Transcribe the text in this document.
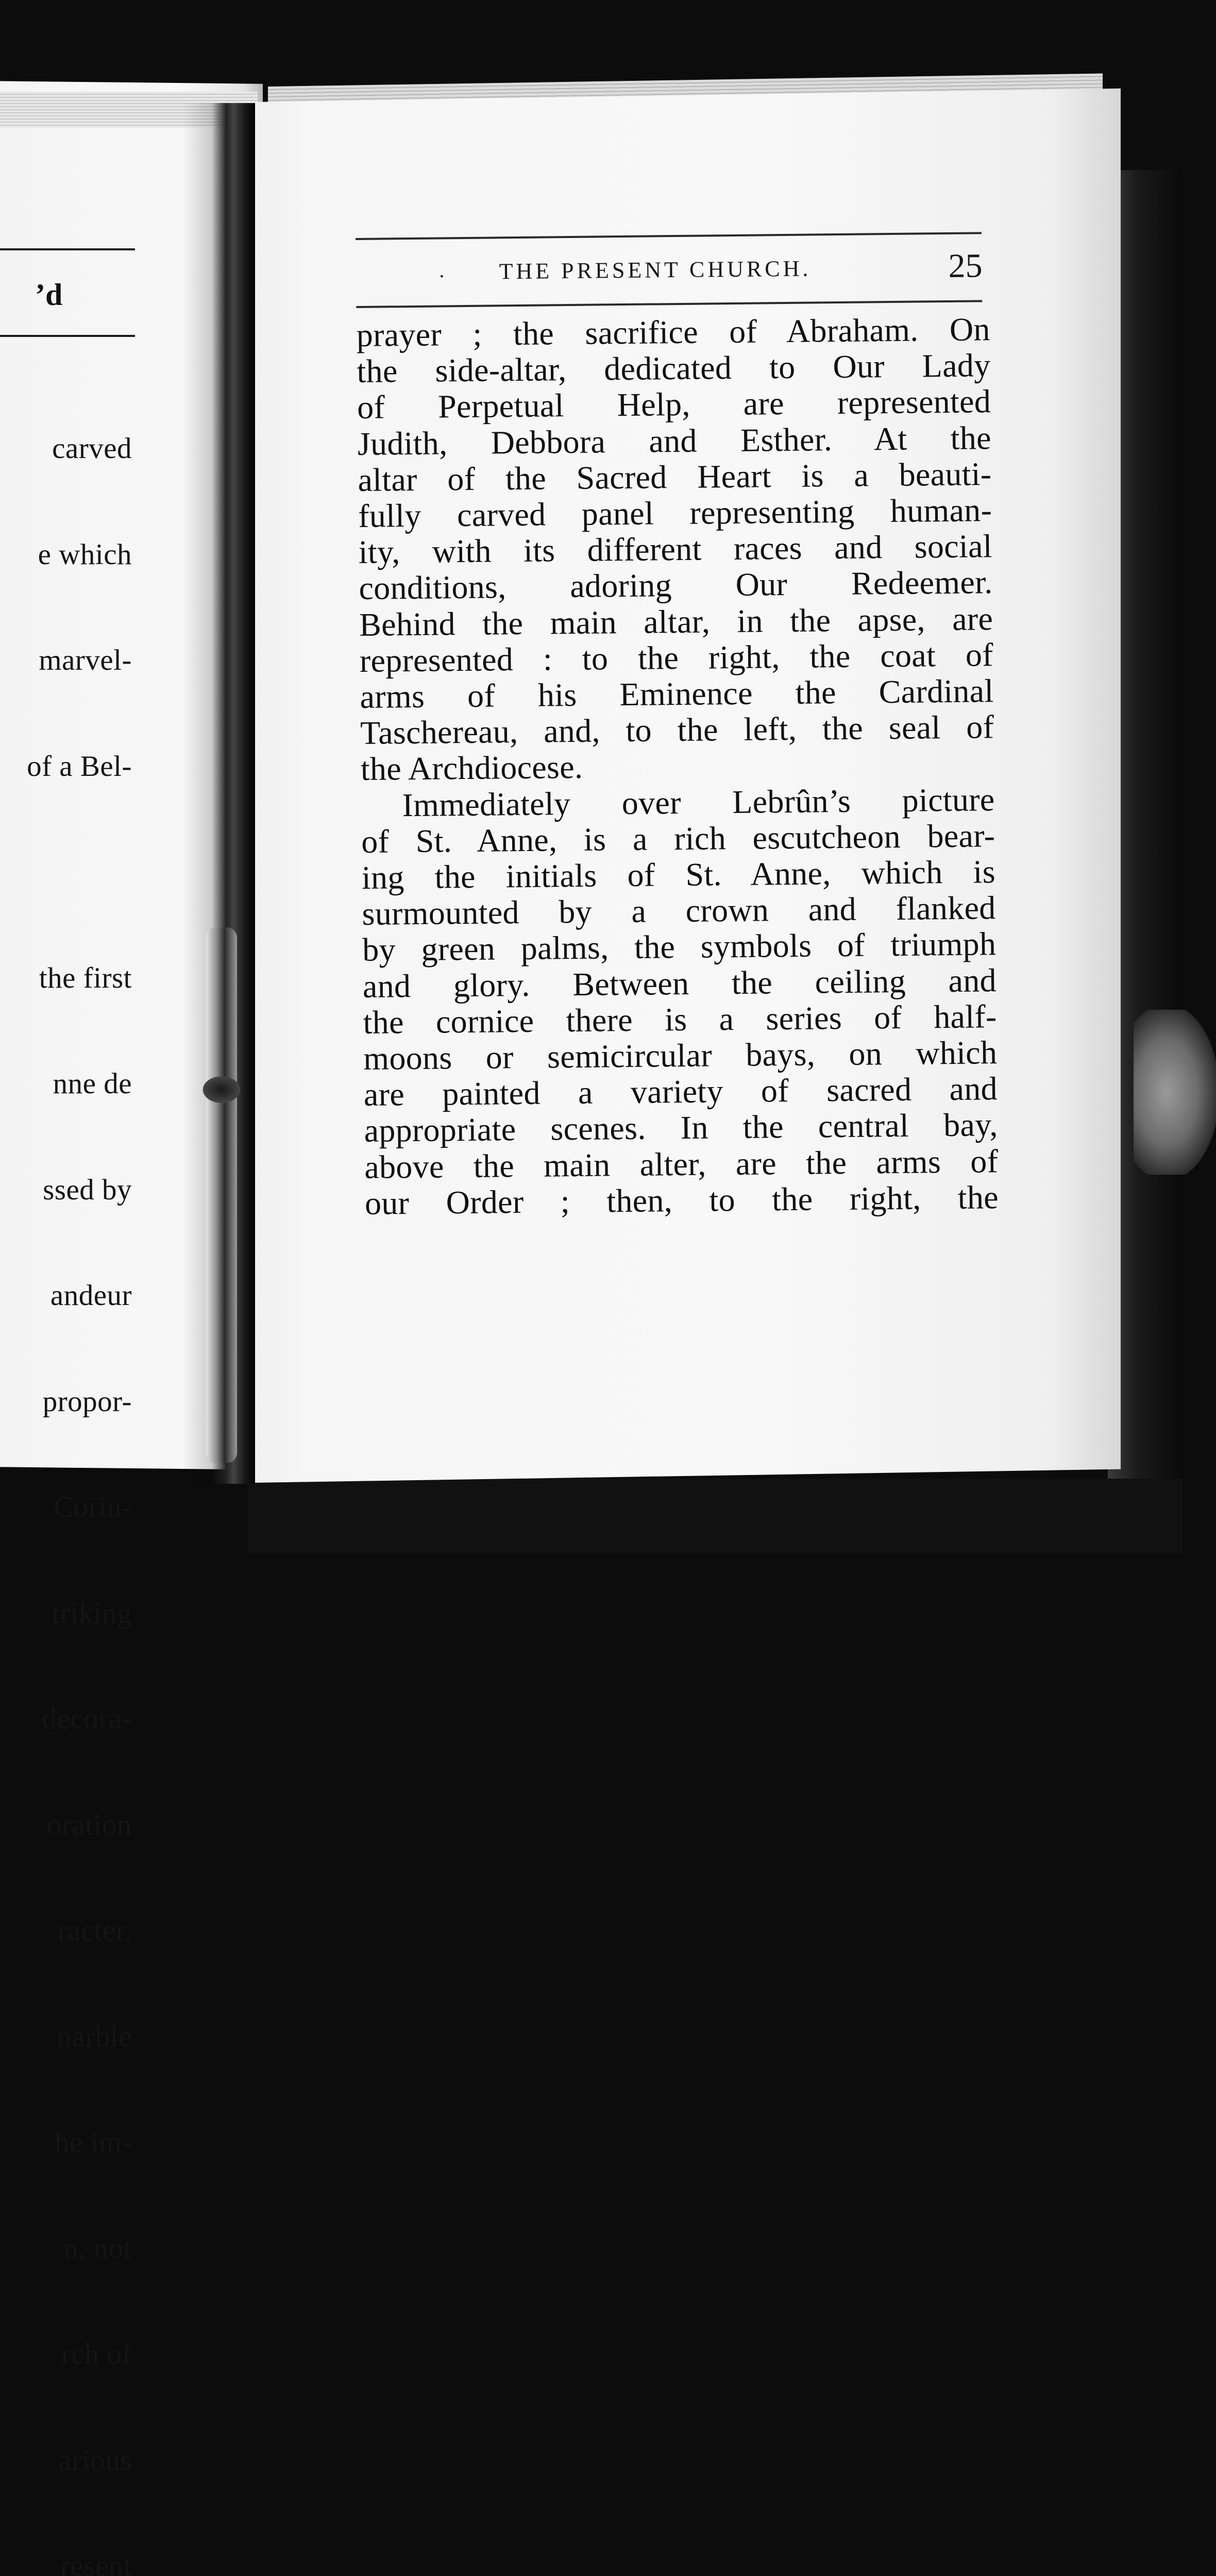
’d

carved

e which

marvel-

of a Bel-

the first

nne de

ssed by

andeur

propor-

Corin-

triking

decora-

oration

racter.

narble

he im-

n, not

rch of

arious

resent

· THE PRESENT CHURCH.	25
prayer ; the sacrifice of Abraham. On
the side-altar, dedicated to Our Lady
of Perpetual Help, are represented
Judith, Debbora and Esther. At the
altar of the Sacred Heart is a beauti-
fully carved panel representing human-
ity, with its different races and social
conditions, adoring Our Redeemer.
Behind the main altar, in the apse, are
represented : to the right, the coat of
arms of his Eminence the Cardinal
Taschereau, and, to the left, the seal of
the Archdiocese.
Immediately over Lebrûn’s picture
of St. Anne, is a rich escutcheon bear-
ing the initials of St. Anne, which is
surmounted by a crown and flanked
by green palms, the symbols of triumph
and glory. Between the ceiling and
the cornice there is a series of half-
moons or semicircular bays, on which
are painted a variety of sacred and
appropriate scenes. In the central bay,
above the main alter, are the arms of
our Order ; then, to the right, the
